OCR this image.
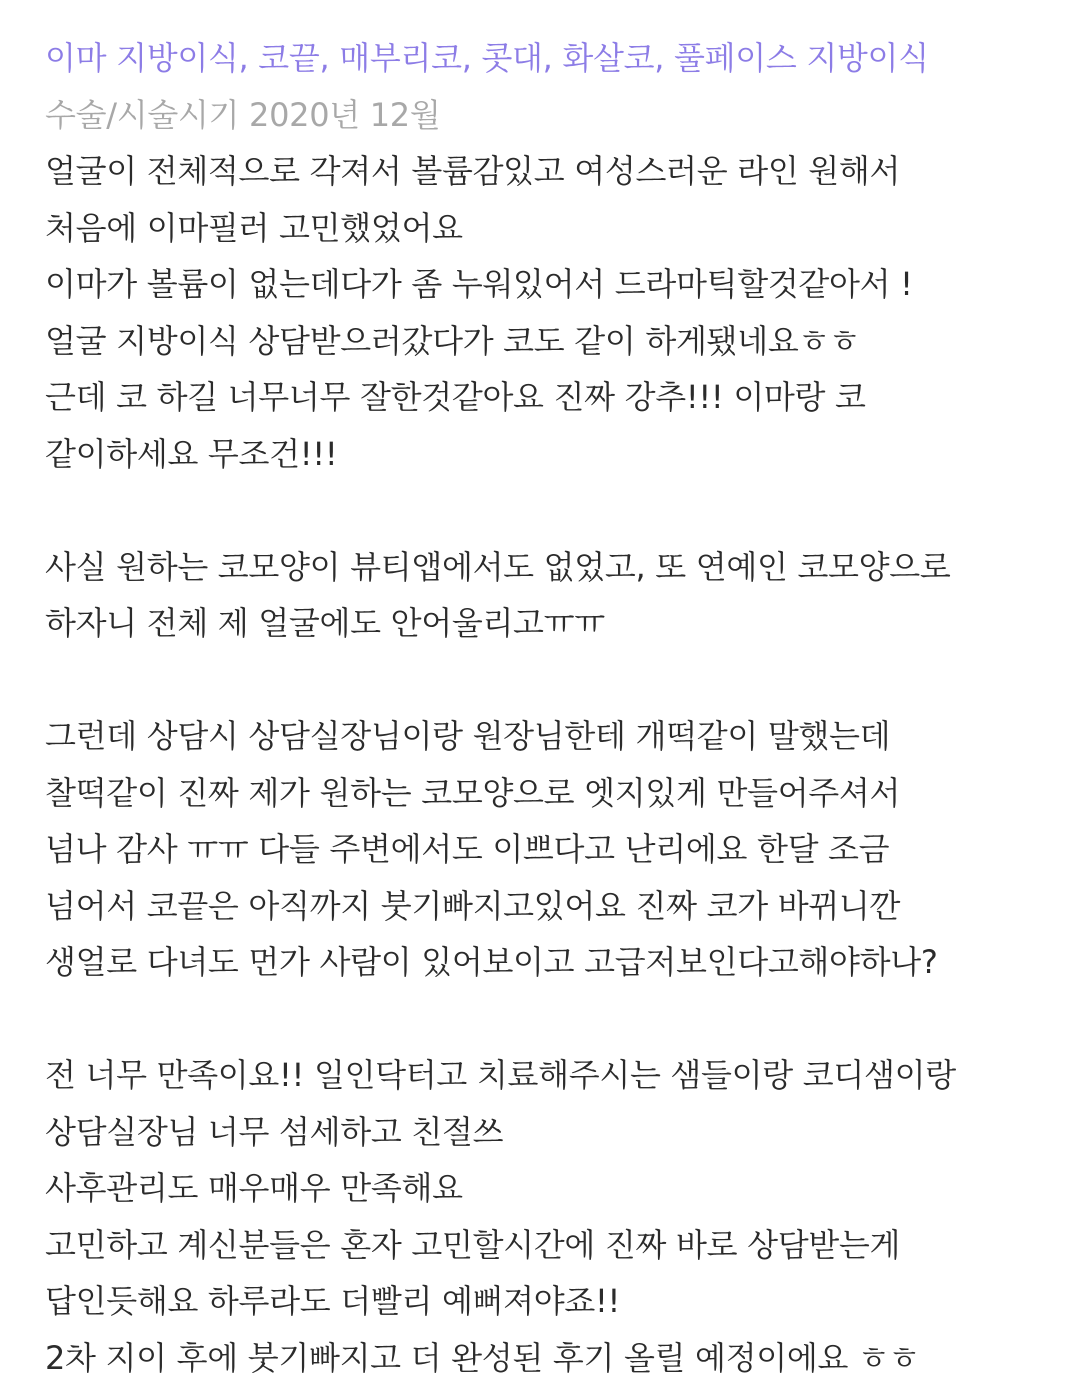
이마 지방이식, 코끝, 매부리코, 콧대, 화살코, 풀페이스 지방이식
수술/시술시기 2020년 12월
얼굴이 전체적으로 각져서 볼륨감있고 여성스러운 라인 원해서
처음에 이마필러 고민했었어요
이마가 볼륨이 없는데다가 좀 누워있어서 드라마틱할것같아서 !
얼굴 지방이식 상담받으러갔다가 코도 같이 하게됐네요ㅎㅎ
근데 코 하길 너무너무 잘한것같아요 진짜 강추!!! 이마랑 코
같이하세요 무조건!!!
사실 원하는 코모양이 뷰티앱에서도 없었고, 또 연예인 코모양으로
하자니 전체 제 얼굴에도 안어울리고ㅠㅠ
그런데 상담시 상담실장님이랑 원장님한테 개떡같이 말했는데
찰떡같이 진짜 제가 원하는 코모양으로 엣지있게 만들어주셔서
넘나 감사 ㅠㅠ 다들 주변에서도 이쁘다고 난리에요 한달 조금
넘어서 코끝은 아직까지 붓기빠지고있어요 진짜 코가 바뀌니깐
생얼로 다녀도 먼가 사람이 있어보이고 고급저보인다고해야하나?
전 너무 만족이요!! 일인닥터고 치료해주시는 샘들이랑 코디샘이랑
상담실장님 너무 섬세하고 친절쓰
사후관리도 매우매우 만족해요
고민하고 계신분들은 혼자 고민할시간에 진짜 바로 상담받는게
답인듯해요 하루라도 더빨리 예뻐져야죠!!
2차 지이 후에 붓기빠지고 더 완성된 후기 올릴 예정이에요 ㅎㅎ
